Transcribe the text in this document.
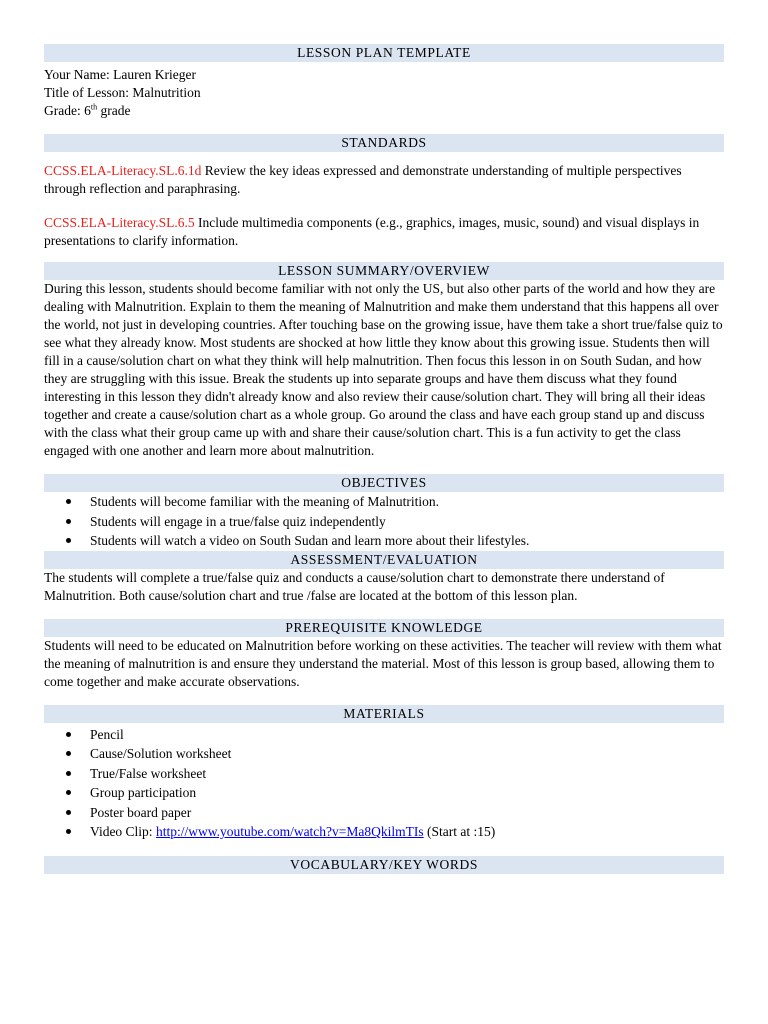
LESSON PLAN TEMPLATE
Your Name: Lauren Krieger
Title of Lesson: Malnutrition
Grade: 6th grade
STANDARDS

CCSS.ELA-Literacy.SL.6.1d Review the key ideas expressed and demonstrate understanding of multiple perspectives through reflection and paraphrasing.

CCSS.ELA-Literacy.SL.6.5 Include multimedia components (e.g., graphics, images, music, sound) and visual displays in presentations to clarify information.

LESSON SUMMARY/OVERVIEW

During this lesson, students should become familiar with not only the US, but also other parts of the world and how they are dealing with Malnutrition. Explain to them the meaning of Malnutrition and make them understand that this happens all over the world, not just in developing countries. After touching base on the growing issue, have them take a short true/false quiz to see what they already know. Most students are shocked at how little they know about this growing issue. Students then will fill in a cause/solution chart on what they think will help malnutrition. Then focus this lesson in on South Sudan, and how they are struggling with this issue. Break the students up into separate groups and have them discuss what they found interesting in this lesson they didn't already know and also review their cause/solution chart. They will bring all their ideas together and create a cause/solution chart as a whole group. Go around the class and have each group stand up and discuss with the class what their group came up with and share their cause/solution chart. This is a fun activity to get the class engaged with one another and learn more about malnutrition.

OBJECTIVES
Students will become familiar with the meaning of Malnutrition.
Students will engage in a true/false quiz independently
Students will watch a video on South Sudan and learn more about their lifestyles.
ASSESSMENT/EVALUATION

The students will complete a true/false quiz and conducts a cause/solution chart to demonstrate there understand of Malnutrition. Both cause/solution chart and true /false are located at the bottom of this lesson plan.

PREREQUISITE KNOWLEDGE

Students will need to be educated on Malnutrition before working on these activities. The teacher will review with them what the meaning of malnutrition is and ensure they understand the material. Most of this lesson is group based, allowing them to come together and make accurate observations.

MATERIALS
Pencil
Cause/Solution worksheet
True/False worksheet
Group participation
Poster board paper
Video Clip: http://www.youtube.com/watch?v=Ma8QkilmTIs (Start at :15)
VOCABULARY/KEY WORDS
